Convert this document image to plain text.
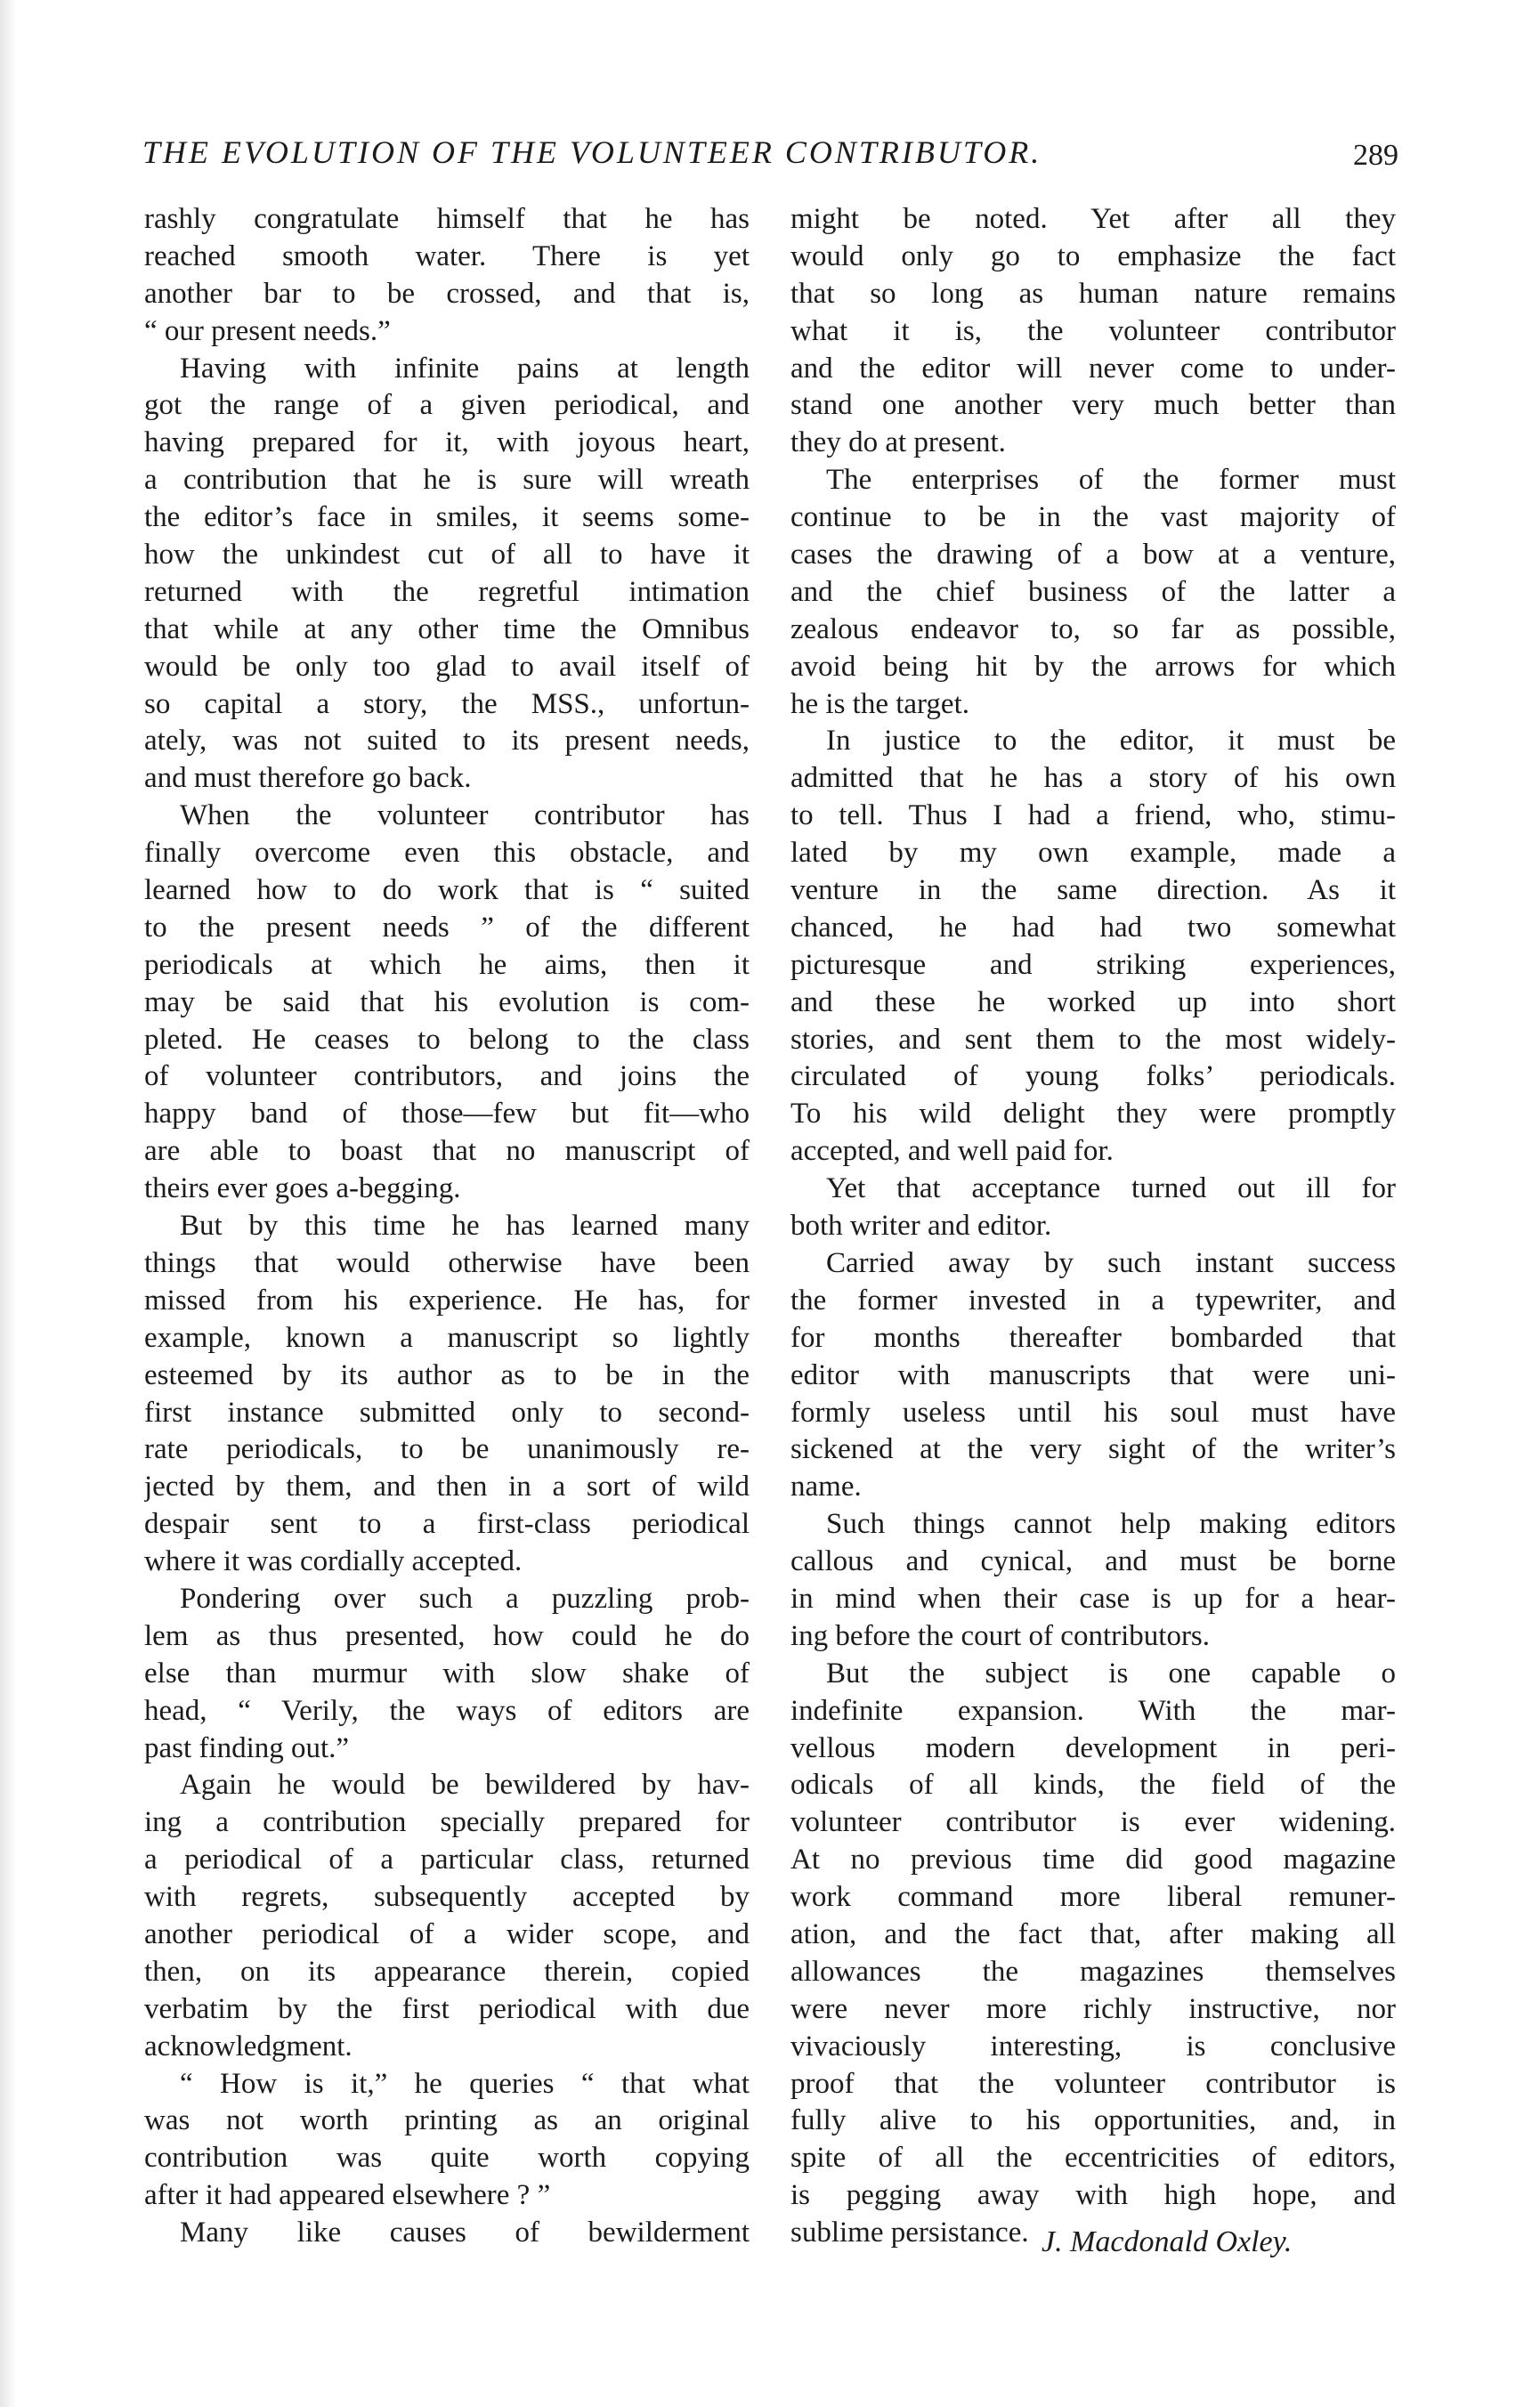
THE EVOLUTION OF THE VOLUNTEER CONTRIBUTOR.	289
rashly congratulate himself that he has
reached smooth water. There is yet
another bar to be crossed, and that is,
“ our present needs.”
Having with infinite pains at length
got the range of a given periodical, and
having prepared for it, with joyous heart,
a contribution that he is sure will wreath
the editor’s face in smiles, it seems some-
how the unkindest cut of all to have it
returned with the regretful intimation
that while at any other time the Omnibus
would be only too glad to avail itself of
so capital a story, the MSS., unfortun-
ately, was not suited to its present needs,
and must therefore go back.
When the volunteer contributor has
finally overcome even this obstacle, and
learned how to do work that is “ suited
to the present needs ” of the different
periodicals at which he aims, then it
may be said that his evolution is com-
pleted. He ceases to belong to the class
of volunteer contributors, and joins the
happy band of those—few but fit—who
are able to boast that no manuscript of
theirs ever goes a-begging.
But by this time he has learned many
things that would otherwise have been
missed from his experience. He has, for
example, known a manuscript so lightly
esteemed by its author as to be in the
first instance submitted only to second-
rate periodicals, to be unanimously re-
jected by them, and then in a sort of wild
despair sent to a first-class periodical
where it was cordially accepted.
Pondering over such a puzzling prob-
lem as thus presented, how could he do
else than murmur with slow shake of
head, “ Verily, the ways of editors are
past finding out.”
Again he would be bewildered by hav-
ing a contribution specially prepared for
a periodical of a particular class, returned
with regrets, subsequently accepted by
another periodical of a wider scope, and
then, on its appearance therein, copied
verbatim by the first periodical with due
acknowledgment.
“ How is it,” he queries “ that what
was not worth printing as an original
contribution was quite worth copying
after it had appeared elsewhere ? ”
Many like causes of bewilderment
might be noted. Yet after all they
would only go to emphasize the fact
that so long as human nature remains
what it is, the volunteer contributor
and the editor will never come to under-
stand one another very much better than
they do at present.
The enterprises of the former must
continue to be in the vast majority of
cases the drawing of a bow at a venture,
and the chief business of the latter a
zealous endeavor to, so far as possible,
avoid being hit by the arrows for which
he is the target.
In justice to the editor, it must be
admitted that he has a story of his own
to tell. Thus I had a friend, who, stimu-
lated by my own example, made a
venture in the same direction. As it
chanced, he had had two somewhat
picturesque and striking experiences,
and these he worked up into short
stories, and sent them to the most widely-
circulated of young folks’ periodicals.
To his wild delight they were promptly
accepted, and well paid for.
Yet that acceptance turned out ill for
both writer and editor.
Carried away by such instant success
the former invested in a typewriter, and
for months thereafter bombarded that
editor with manuscripts that were uni-
formly useless until his soul must have
sickened at the very sight of the writer’s
name.
Such things cannot help making editors
callous and cynical, and must be borne
in mind when their case is up for a hear-
ing before the court of contributors.
But the subject is one capable o
indefinite expansion. With the mar-
vellous modern development in peri-
odicals of all kinds, the field of the
volunteer contributor is ever widening.
At no previous time did good magazine
work command more liberal remuner-
ation, and the fact that, after making all
allowances the magazines themselves
were never more richly instructive, nor
vivaciously interesting, is conclusive
proof that the volunteer contributor is
fully alive to his opportunities, and, in
spite of all the eccentricities of editors,
is pegging away with high hope, and
sublime persistance. J. Macdonald Oxley.
